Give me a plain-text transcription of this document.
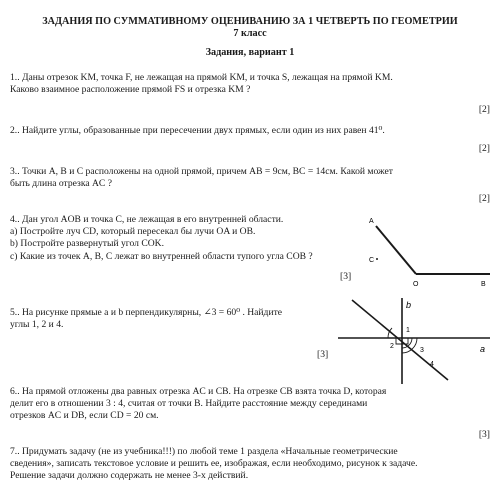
ЗАДАНИЯ ПО СУММАТИВНОМУ ОЦЕНИВАНИЮ ЗА 1 ЧЕТВЕРТЬ ПО ГЕОМЕТРИИ
7 класс
Задания, вариант 1
1.. Даны отрезок KM, точка F, не лежащая на прямой KM, и точка S, лежащая на прямой KM.
Каково взаимное расположение прямой FS и отрезка KM ?
[2]
2.. Найдите углы, образованные при пересечении двух прямых, если один из них равен 41⁰.
[2]
3.. Точки A, B и C расположены на одной прямой, причем AB = 9см, BC = 14см. Какой может
быть длина отрезка AC ?
[2]
4.. Дан угол AOB и точка C, не лежащая в его внутренней области.
a) Постройте луч CD, который пересекал бы лучи OA и OB.
b) Постройте развернутый угол COK.
c) Какие из точек A, B, C лежат во внутренней области тупого угла COB ?
[3]
A
C
O	B
5.. На рисунке прямые a и b перпендикулярны, ∠3 = 60⁰ . Найдите
углы 1, 2 и 4.
[3]
b
a
1
2
3
4
6.. На прямой отложены два равных отрезка AC и CB. На отрезке CB взята точка D, которая
делит его в отношении 3 : 4, считая от точки B. Найдите расстояние между серединами
отрезков AC и DB, если CD = 20 см.
[3]
7.. Придумать задачу (не из учебника!!!) по любой теме 1 раздела «Начальные геометрические
сведения», записать текстовое условие и решить ее, изображая, если необходимо, рисунок к задаче.
Решение задачи должно содержать не менее 3-х действий.
